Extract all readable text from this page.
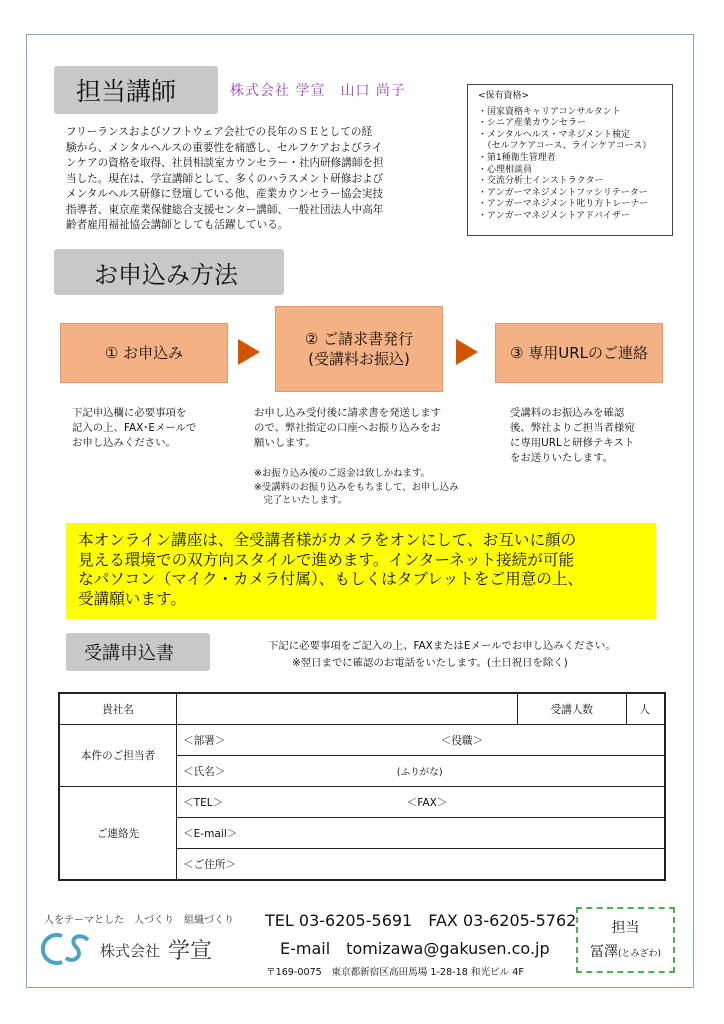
担当講師	株式会社 学宣　山口 尚子
フリーランスおよびソフトウェア会社での長年のＳＥとしての経
験から、メンタルヘルスの重要性を痛感し、セルフケアおよびライ
ンケアの資格を取得、社員相談室カウンセラー・社内研修講師を担
当した。現在は、学宣講師として、多くのハラスメント研修および
メンタルヘルス研修に登壇している他、産業カウンセラー協会実技
指導者、東京産業保健総合支援センター講師、一般社団法人中高年
齢者雇用福祉協会講師としても活躍している。
<保有資格>
・国家資格キャリアコンサルタント
・シニア産業カウンセラー
・メンタルヘルス・マネジメント検定
　（セルフケアコース、ラインケアコース）
・第1種衛生管理者
・心理相談員
・交流分析士インストラクター
・アンガーマネジメントファシリテーター
・アンガーマネジメント叱り方トレーナー
・アンガーマネジメントアドバイザー
お申込み方法
① お申込み
② ご請求書発行
(受講料お振込)	③ 専用URLのご連絡
下記申込欄に必要事項を
記入の上、FAX･Eメールで
お申し込みください。
お申し込み受付後に請求書を発送します
ので、弊社指定の口座へお振り込みをお
願いします。
※お振り込み後のご返金は致しかねます。
※受講料のお振り込みをもちまして、お申し込み
　完了といたします。
受講料のお振込みを確認
後、弊社よりご担当者様宛
に専用URLと研修テキスト
をお送りいたします。
本オンライン講座は、全受講者様がカメラをオンにして、お互いに顔の
見える環境での双方向スタイルで進めます。インターネット接続が可能
なパソコン（マイク・カメラ付属）、もしくはタブレットをご用意の上、
受講願います。
受講申込書	下記に必要事項をご記入の上、FAXまたはEメールでお申し込みください。
※翌日までに確認のお電話をいたします。(土日祝日を除く)
貴社名		受講人数	人
本件のご担当者	＜部署＞ ＜役職＞		
	＜氏名＞ (ふりがな)		
ご連絡先	＜TEL＞ ＜FAX＞		
	＜E-mail＞		
	＜ご住所＞		
人をテーマとした　人づくり　組織づくり
株式会社 学宣
TEL 03-6205-5691　FAX 03-6205-5762
E-mail　tomizawa@gakusen.co.jp
〒169-0075　東京都新宿区高田馬場 1-28-18 和光ビル 4F
担当
冨澤(とみざわ)
